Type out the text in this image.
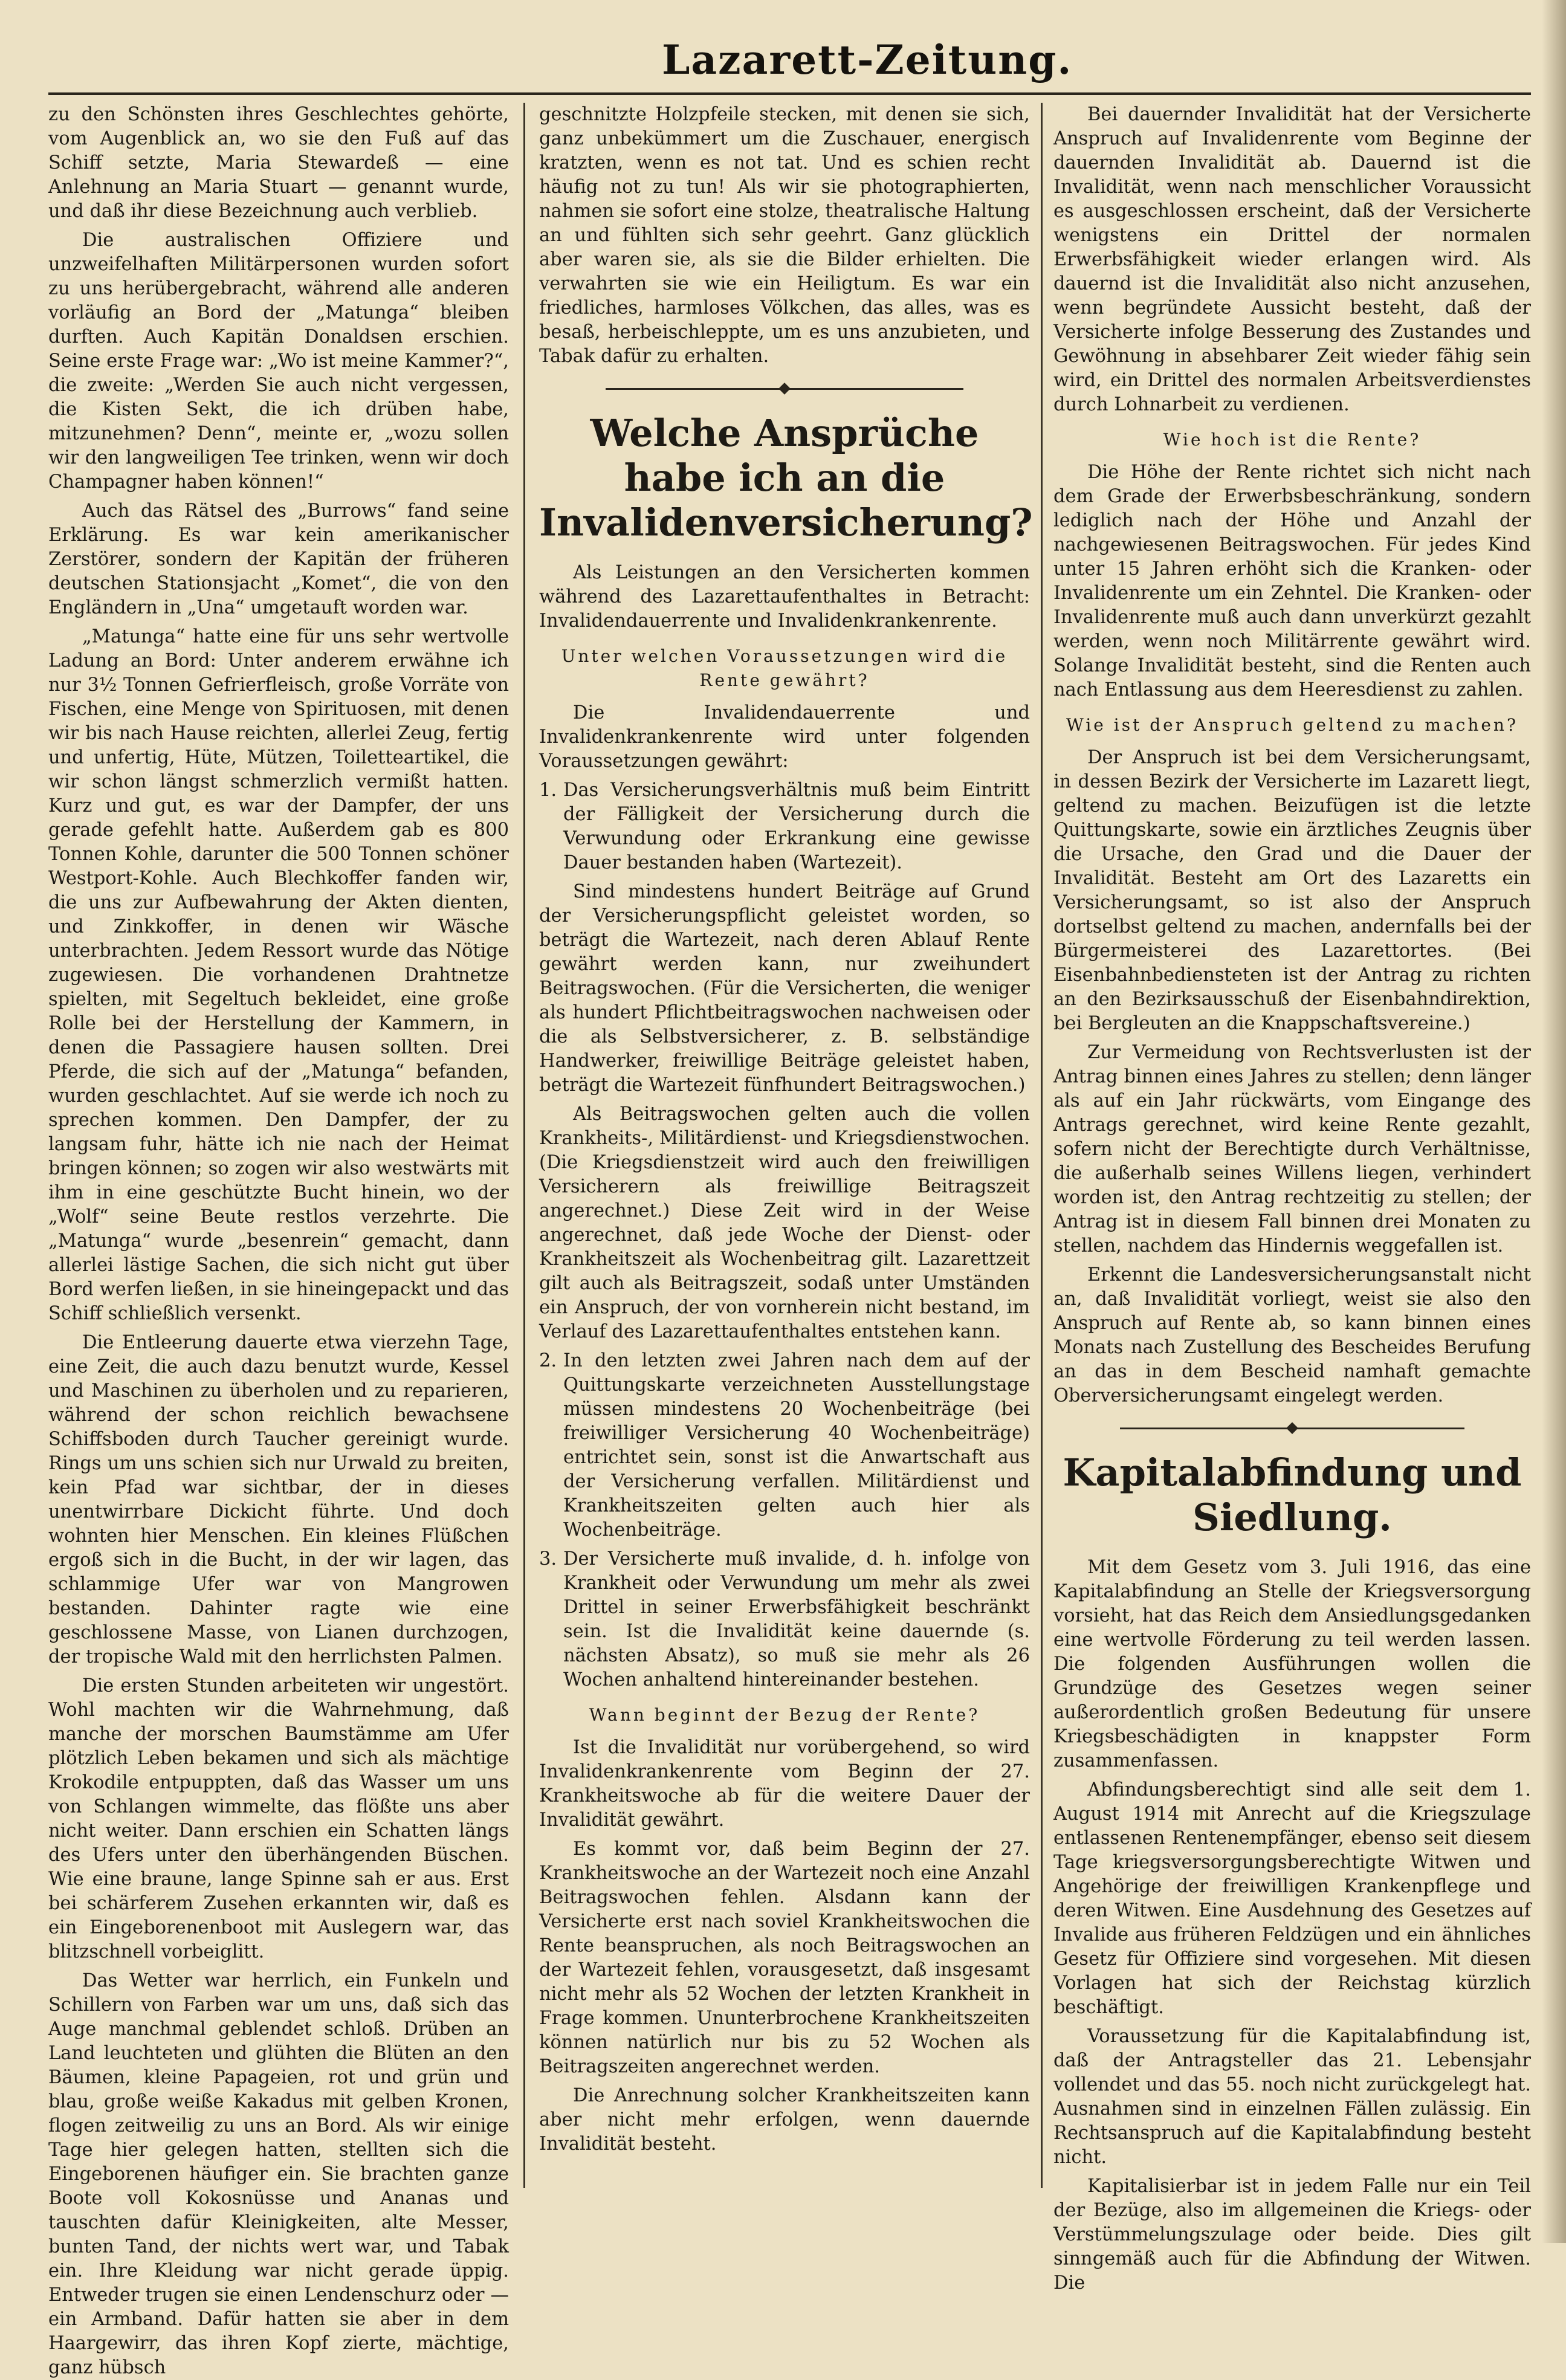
Lazarett-Zeitung.

zu den Schönsten ihres Geschlechtes gehörte, vom Augenblick an, wo sie den Fuß auf das Schiff setzte, Maria Stewardeß — eine Anlehnung an Maria Stuart — genannt wurde, und daß ihr diese Bezeichnung auch verblieb.

Die australischen Offiziere und unzweifelhaften Militärpersonen wurden sofort zu uns herübergebracht, während alle anderen vorläufig an Bord der „Matunga“ bleiben durften. Auch Kapitän Donaldsen erschien. Seine erste Frage war: „Wo ist meine Kammer?“, die zweite: „Werden Sie auch nicht vergessen, die Kisten Sekt, die ich drüben habe, mitzunehmen? Denn“, meinte er, „wozu sollen wir den langweiligen Tee trinken, wenn wir doch Champagner haben können!“

Auch das Rätsel des „Burrows“ fand seine Erklärung. Es war kein amerikanischer Zerstörer, sondern der Kapitän der früheren deutschen Stationsjacht „Komet“, die von den Engländern in „Una“ umgetauft worden war.

„Matunga“ hatte eine für uns sehr wertvolle Ladung an Bord: Unter anderem erwähne ich nur 3½ Tonnen Gefrierfleisch, große Vorräte von Fischen, eine Menge von Spirituosen, mit denen wir bis nach Hause reichten, allerlei Zeug, fertig und unfertig, Hüte, Mützen, Toiletteartikel, die wir schon längst schmerzlich vermißt hatten. Kurz und gut, es war der Dampfer, der uns gerade gefehlt hatte. Außerdem gab es 800 Tonnen Kohle, darunter die 500 Tonnen schöner Westport-Kohle. Auch Blechkoffer fanden wir, die uns zur Aufbewahrung der Akten dienten, und Zinkkoffer, in denen wir Wäsche unterbrachten. Jedem Ressort wurde das Nötige zugewiesen. Die vorhandenen Drahtnetze spielten, mit Segeltuch bekleidet, eine große Rolle bei der Herstellung der Kammern, in denen die Passagiere hausen sollten. Drei Pferde, die sich auf der „Matunga“ befanden, wurden geschlachtet. Auf sie werde ich noch zu sprechen kommen. Den Dampfer, der zu langsam fuhr, hätte ich nie nach der Heimat bringen können; so zogen wir also westwärts mit ihm in eine geschützte Bucht hinein, wo der „Wolf“ seine Beute restlos verzehrte. Die „Matunga“ wurde „besenrein“ gemacht, dann allerlei lästige Sachen, die sich nicht gut über Bord werfen ließen, in sie hineingepackt und das Schiff schließlich versenkt.

Die Entleerung dauerte etwa vierzehn Tage, eine Zeit, die auch dazu benutzt wurde, Kessel und Maschinen zu überholen und zu reparieren, während der schon reichlich bewachsene Schiffsboden durch Taucher gereinigt wurde. Rings um uns schien sich nur Urwald zu breiten, kein Pfad war sichtbar, der in dieses unentwirrbare Dickicht führte. Und doch wohnten hier Menschen. Ein kleines Flüßchen ergoß sich in die Bucht, in der wir lagen, das schlammige Ufer war von Mangrowen bestanden. Dahinter ragte wie eine geschlossene Masse, von Lianen durchzogen, der tropische Wald mit den herrlichsten Palmen.

Die ersten Stunden arbeiteten wir ungestört. Wohl machten wir die Wahrnehmung, daß manche der morschen Baumstämme am Ufer plötzlich Leben bekamen und sich als mächtige Krokodile entpuppten, daß das Wasser um uns von Schlangen wimmelte, das flößte uns aber nicht weiter. Dann erschien ein Schatten längs des Ufers unter den überhängenden Büschen. Wie eine braune, lange Spinne sah er aus. Erst bei schärferem Zusehen erkannten wir, daß es ein Eingeborenenboot mit Auslegern war, das blitzschnell vorbeiglitt.

Das Wetter war herrlich, ein Funkeln und Schillern von Farben war um uns, daß sich das Auge manchmal geblendet schloß. Drüben an Land leuchteten und glühten die Blüten an den Bäumen, kleine Papageien, rot und grün und blau, große weiße Kakadus mit gelben Kronen, flogen zeitweilig zu uns an Bord. Als wir einige Tage hier gelegen hatten, stellten sich die Eingeborenen häufiger ein. Sie brachten ganze Boote voll Kokosnüsse und Ananas und tauschten dafür Kleinigkeiten, alte Messer, bunten Tand, der nichts wert war, und Tabak ein. Ihre Kleidung war nicht gerade üppig. Entweder trugen sie einen Lendenschurz oder — ein Armband. Dafür hatten sie aber in dem Haargewirr, das ihren Kopf zierte, mächtige, ganz hübsch

geschnitzte Holzpfeile stecken, mit denen sie sich, ganz unbekümmert um die Zuschauer, energisch kratzten, wenn es not tat. Und es schien recht häufig not zu tun! Als wir sie photographierten, nahmen sie sofort eine stolze, theatralische Haltung an und fühlten sich sehr geehrt. Ganz glücklich aber waren sie, als sie die Bilder erhielten. Die verwahrten sie wie ein Heiligtum. Es war ein friedliches, harmloses Völkchen, das alles, was es besaß, herbeischleppte, um es uns anzubieten, und Tabak dafür zu erhalten.

Welche Ansprüche habe ich an die Invalidenversicherung?

Als Leistungen an den Versicherten kommen während des Lazarettaufenthaltes in Betracht: Invalidendauerrente und Invalidenkrankenrente.

Unter welchen Voraussetzungen wird die Rente gewährt?

Die Invalidendauerrente und Invalidenkrankenrente wird unter folgenden Voraussetzungen gewährt:

1. Das Versicherungsverhältnis muß beim Eintritt der Fälligkeit der Versicherung durch die Verwundung oder Erkrankung eine gewisse Dauer bestanden haben (Wartezeit).

Sind mindestens hundert Beiträge auf Grund der Versicherungspflicht geleistet worden, so beträgt die Wartezeit, nach deren Ablauf Rente gewährt werden kann, nur zweihundert Beitragswochen. (Für die Versicherten, die weniger als hundert Pflichtbeitragswochen nachweisen oder die als Selbstversicherer, z. B. selbständige Handwerker, freiwillige Beiträge geleistet haben, beträgt die Wartezeit fünfhundert Beitragswochen.)

Als Beitragswochen gelten auch die vollen Krankheits-, Militärdienst- und Kriegsdienstwochen. (Die Kriegsdienstzeit wird auch den freiwilligen Versicherern als freiwillige Beitragszeit angerechnet.) Diese Zeit wird in der Weise angerechnet, daß jede Woche der Dienst- oder Krankheitszeit als Wochenbeitrag gilt. Lazarettzeit gilt auch als Beitragszeit, sodaß unter Umständen ein Anspruch, der von vornherein nicht bestand, im Verlauf des Lazarettaufenthaltes entstehen kann.

2. In den letzten zwei Jahren nach dem auf der Quittungskarte verzeichneten Ausstellungstage müssen mindestens 20 Wochenbeiträge (bei freiwilliger Versicherung 40 Wochenbeiträge) entrichtet sein, sonst ist die Anwartschaft aus der Versicherung verfallen. Militärdienst und Krankheitszeiten gelten auch hier als Wochenbeiträge.

3. Der Versicherte muß invalide, d. h. infolge von Krankheit oder Verwundung um mehr als zwei Drittel in seiner Erwerbsfähigkeit beschränkt sein. Ist die Invalidität keine dauernde (s. nächsten Absatz), so muß sie mehr als 26 Wochen anhaltend hintereinander bestehen.

Wann beginnt der Bezug der Rente?

Ist die Invalidität nur vorübergehend, so wird Invalidenkrankenrente vom Beginn der 27. Krankheitswoche ab für die weitere Dauer der Invalidität gewährt.

Es kommt vor, daß beim Beginn der 27. Krankheitswoche an der Wartezeit noch eine Anzahl Beitragswochen fehlen. Alsdann kann der Versicherte erst nach soviel Krankheitswochen die Rente beanspruchen, als noch Beitragswochen an der Wartezeit fehlen, vorausgesetzt, daß insgesamt nicht mehr als 52 Wochen der letzten Krankheit in Frage kommen. Ununterbrochene Krankheitszeiten können natürlich nur bis zu 52 Wochen als Beitragszeiten angerechnet werden.

Die Anrechnung solcher Krankheitszeiten kann aber nicht mehr erfolgen, wenn dauernde Invalidität besteht.

Bei dauernder Invalidität hat der Versicherte Anspruch auf Invalidenrente vom Beginne der dauernden Invalidität ab. Dauernd ist die Invalidität, wenn nach menschlicher Voraussicht es ausgeschlossen erscheint, daß der Versicherte wenigstens ein Drittel der normalen Erwerbsfähigkeit wieder erlangen wird. Als dauernd ist die Invalidität also nicht anzusehen, wenn begründete Aussicht besteht, daß der Versicherte infolge Besserung des Zustandes und Gewöhnung in absehbarer Zeit wieder fähig sein wird, ein Drittel des normalen Arbeitsverdienstes durch Lohnarbeit zu verdienen.

Wie hoch ist die Rente?

Die Höhe der Rente richtet sich nicht nach dem Grade der Erwerbsbeschränkung, sondern lediglich nach der Höhe und Anzahl der nachgewiesenen Beitragswochen. Für jedes Kind unter 15 Jahren erhöht sich die Kranken- oder Invalidenrente um ein Zehntel. Die Kranken- oder Invalidenrente muß auch dann unverkürzt gezahlt werden, wenn noch Militärrente gewährt wird. Solange Invalidität besteht, sind die Renten auch nach Entlassung aus dem Heeresdienst zu zahlen.

Wie ist der Anspruch geltend zu machen?

Der Anspruch ist bei dem Versicherungsamt, in dessen Bezirk der Versicherte im Lazarett liegt, geltend zu machen. Beizufügen ist die letzte Quittungskarte, sowie ein ärztliches Zeugnis über die Ursache, den Grad und die Dauer der Invalidität. Besteht am Ort des Lazaretts ein Versicherungsamt, so ist also der Anspruch dortselbst geltend zu machen, andernfalls bei der Bürgermeisterei des Lazarettortes. (Bei Eisenbahnbediensteten ist der Antrag zu richten an den Bezirksausschuß der Eisenbahndirektion, bei Bergleuten an die Knappschaftsvereine.)

Zur Vermeidung von Rechtsverlusten ist der Antrag binnen eines Jahres zu stellen; denn länger als auf ein Jahr rückwärts, vom Eingange des Antrags gerechnet, wird keine Rente gezahlt, sofern nicht der Berechtigte durch Verhältnisse, die außerhalb seines Willens liegen, verhindert worden ist, den Antrag rechtzeitig zu stellen; der Antrag ist in diesem Fall binnen drei Monaten zu stellen, nachdem das Hindernis weggefallen ist.

Erkennt die Landesversicherungsanstalt nicht an, daß Invalidität vorliegt, weist sie also den Anspruch auf Rente ab, so kann binnen eines Monats nach Zustellung des Bescheides Berufung an das in dem Bescheid namhaft gemachte Oberversicherungsamt eingelegt werden.

Kapitalabfindung und Siedlung.

Mit dem Gesetz vom 3. Juli 1916, das eine Kapitalabfindung an Stelle der Kriegsversorgung vorsieht, hat das Reich dem Ansiedlungsgedanken eine wertvolle Förderung zu teil werden lassen. Die folgenden Ausführungen wollen die Grundzüge des Gesetzes wegen seiner außerordentlich großen Bedeutung für unsere Kriegsbeschädigten in knappster Form zusammenfassen.

Abfindungsberechtigt sind alle seit dem 1. August 1914 mit Anrecht auf die Kriegszulage entlassenen Rentenempfänger, ebenso seit diesem Tage kriegsversorgungsberechtigte Witwen und Angehörige der freiwilligen Krankenpflege und deren Witwen. Eine Ausdehnung des Gesetzes auf Invalide aus früheren Feldzügen und ein ähnliches Gesetz für Offiziere sind vorgesehen. Mit diesen Vorlagen hat sich der Reichstag kürzlich beschäftigt.

Voraussetzung für die Kapitalabfindung ist, daß der Antragsteller das 21. Lebensjahr vollendet und das 55. noch nicht zurückgelegt hat. Ausnahmen sind in einzelnen Fällen zulässig. Ein Rechtsanspruch auf die Kapitalabfindung besteht nicht.

Kapitalisierbar ist in jedem Falle nur ein Teil der Bezüge, also im allgemeinen die Kriegs- oder Verstümmelungszulage oder beide. Dies gilt sinngemäß auch für die Abfindung der Witwen. Die
